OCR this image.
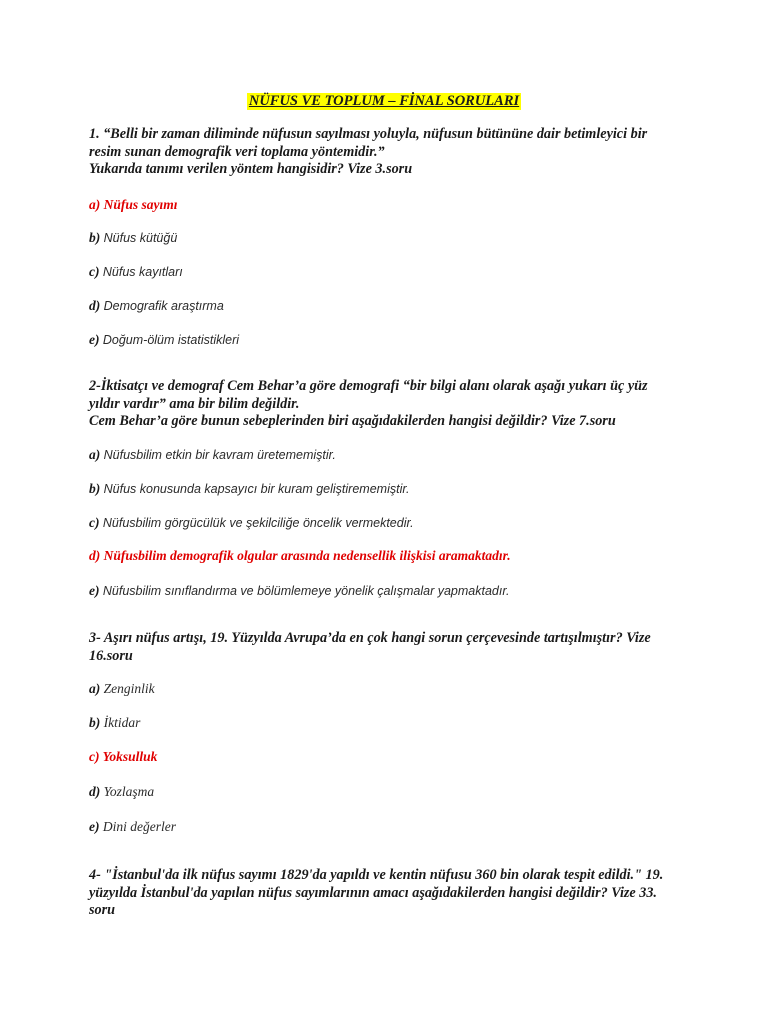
NÜFUS VE TOPLUM – FİNAL SORULARI

1. “Belli bir zaman diliminde nüfusun sayılması yoluyla, nüfusun bütününe dair betimleyici bir

resim sunan demografik veri toplama yöntemidir.”

Yukarıda tanımı verilen yöntem hangisidir? Vize 3.soru

a) Nüfus sayımı
b) Nüfus kütüğü
c) Nüfus kayıtları
d) Demografik araştırma
e) Doğum-ölüm istatistikleri

2-İktisatçı ve demograf Cem Behar’a göre demografi “bir bilgi alanı olarak aşağı yukarı üç yüz

yıldır vardır” ama bir bilim değildir.

Cem Behar’a göre bunun sebeplerinden biri aşağıdakilerden hangisi değildir? Vize 7.soru

a) Nüfusbilim etkin bir kavram üretememiştir.
b) Nüfus konusunda kapsayıcı bir kuram geliştirememiştir.
c) Nüfusbilim görgücülük ve şekilciliğe öncelik vermektedir.
d) Nüfusbilim demografik olgular arasında nedensellik ilişkisi aramaktadır.
e) Nüfusbilim sınıflandırma ve bölümlemeye yönelik çalışmalar yapmaktadır.

3- Aşırı nüfus artışı, 19. Yüzyılda Avrupa’da en çok hangi sorun çerçevesinde tartışılmıştır? Vize

16.soru

a) Zenginlik
b) İktidar
c) Yoksulluk
d) Yozlaşma
e) Dini değerler

4- "İstanbul'da ilk nüfus sayımı 1829'da yapıldı ve kentin nüfusu 360 bin olarak tespit edildi." 19.

yüzyılda İstanbul'da yapılan nüfus sayımlarının amacı aşağıdakilerden hangisi değildir? Vize 33.

soru
